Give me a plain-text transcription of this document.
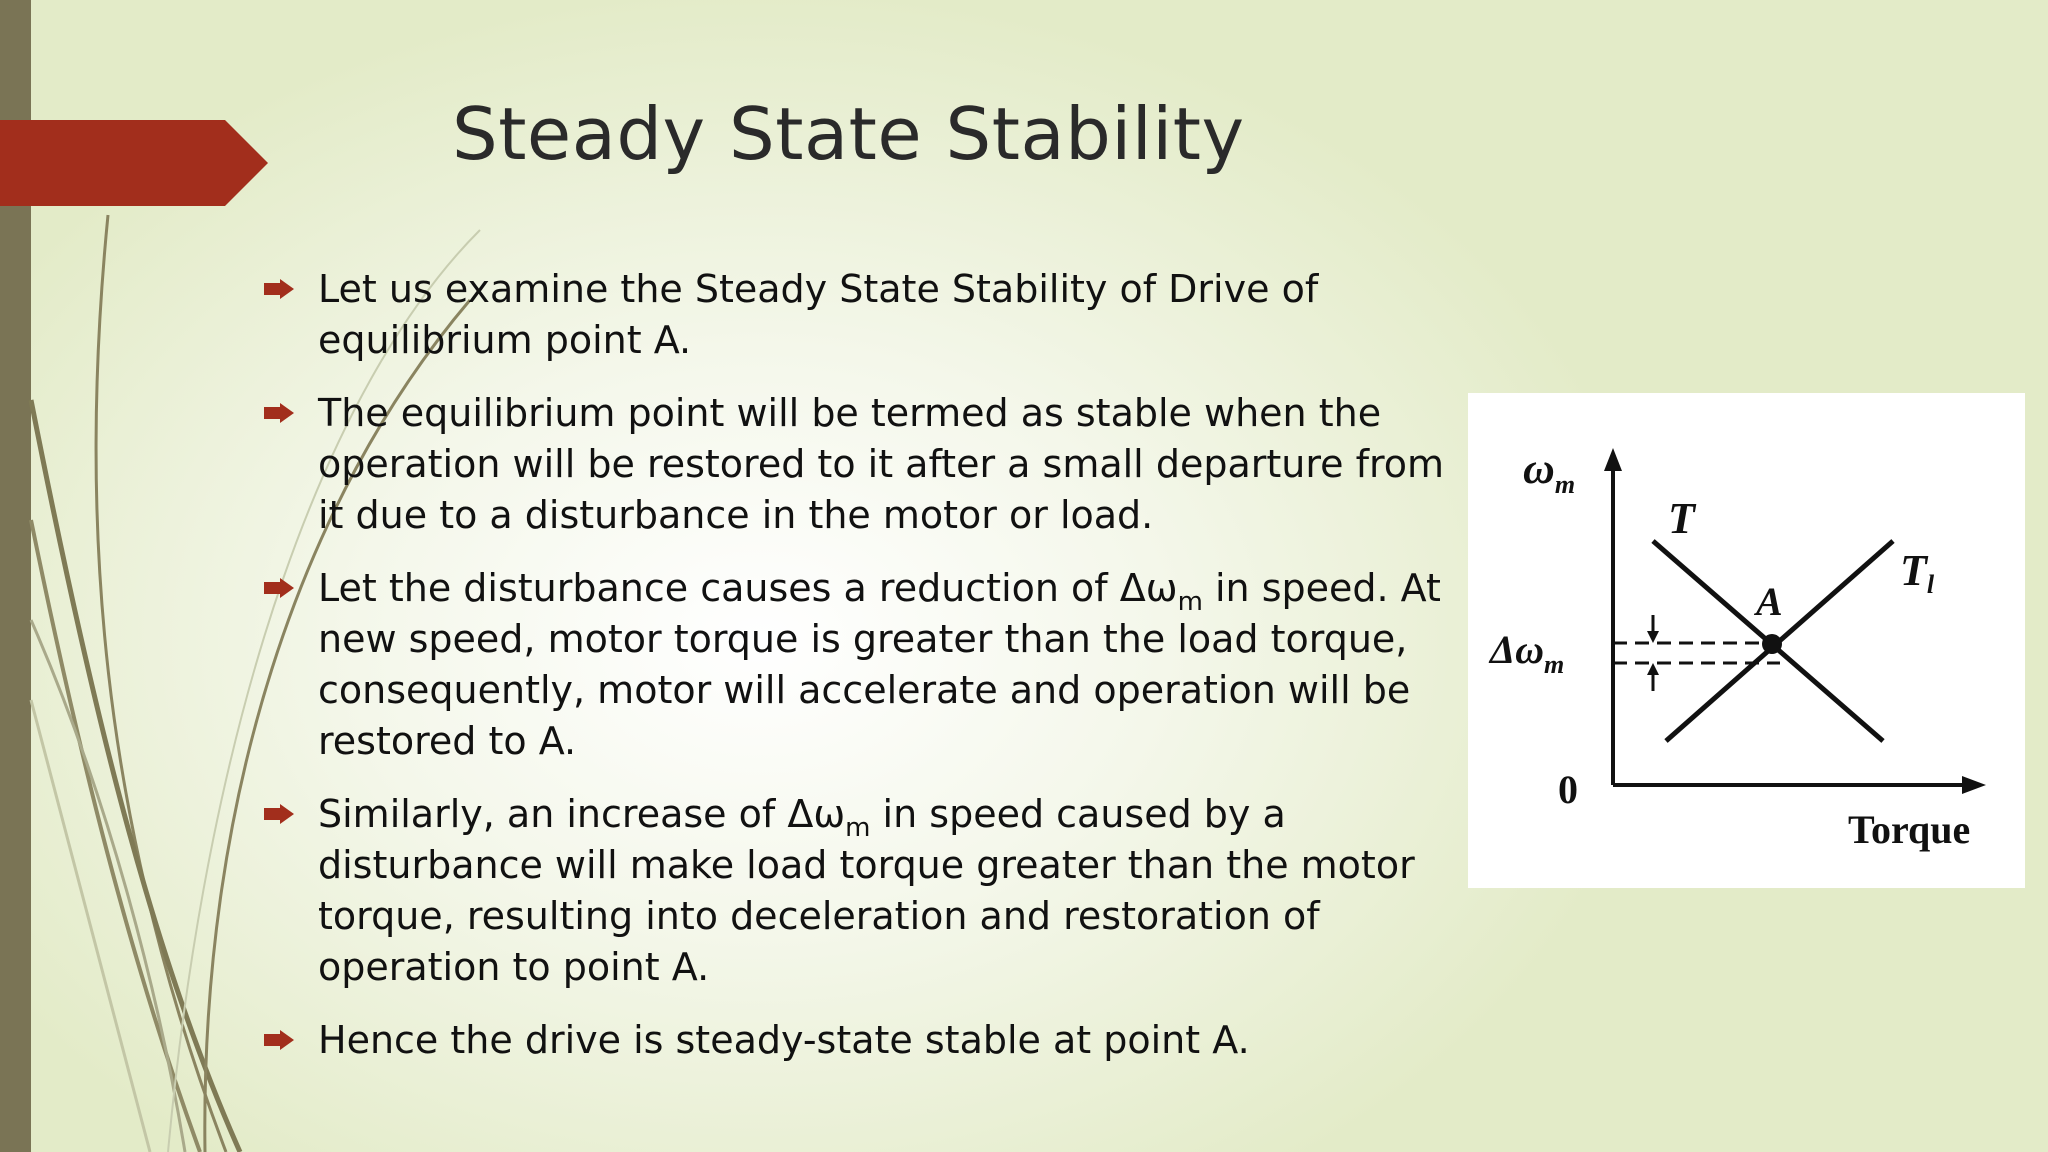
Steady State Stability
Let us examine the Steady State Stability of Drive of equilibrium point A.
The equilibrium point will be termed as stable when the operation will be restored to it after a small departure from it due to a disturbance in the motor or load.
Let the disturbance causes a reduction of $\Delta\omega_m$ in speed. At new speed, motor torque is greater than the load torque, consequently, motor will accelerate and operation will be restored to A.
Similarly, an increase of $\Delta\omega_m$ in speed caused by a disturbance will make load torque greater than the motor torque, resulting into deceleration and restoration of operation to point A.
Hence the drive is steady-state stable at point A.
$\omega_m$
$\Delta\omega_m$
0
Torque
T
Tl
A
